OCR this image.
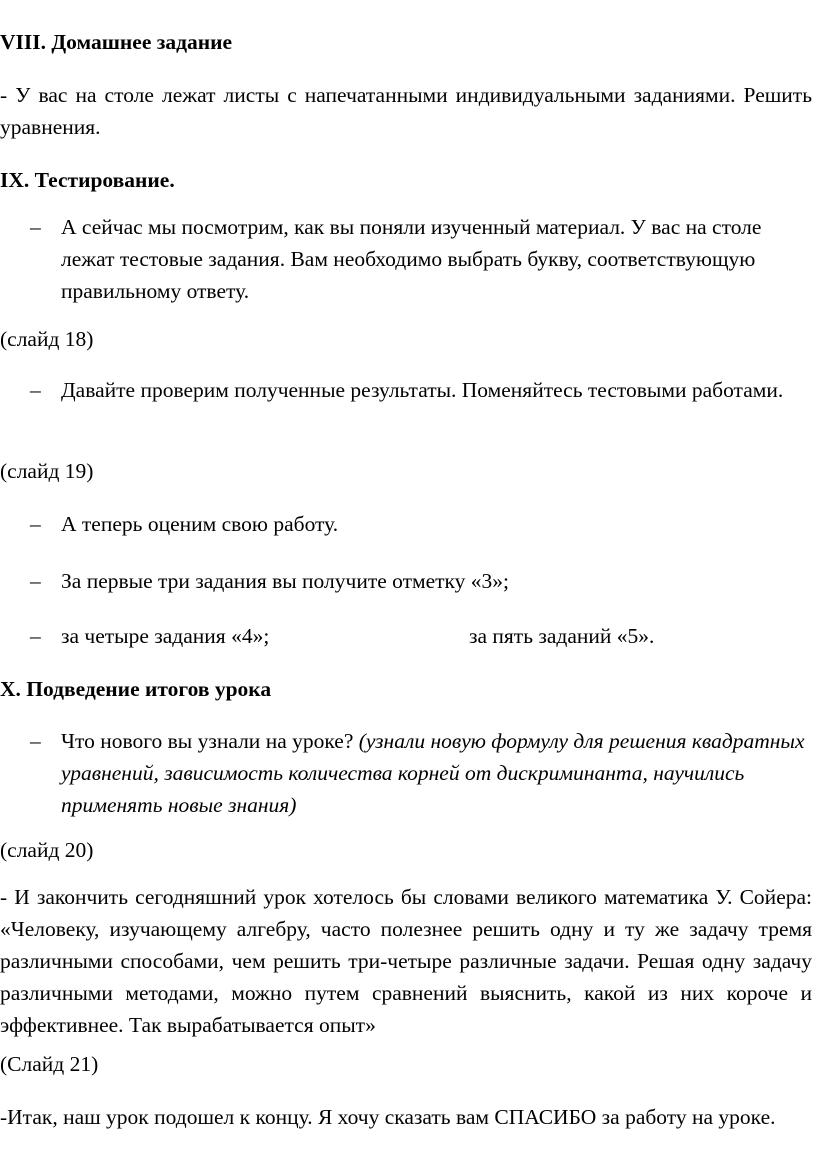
VIII. Домашнее задание
- У вас на столе лежат листы с напечатанными индивидуальными заданиями. Решить уравнения.
IX. Тестирование.
– А сейчас мы посмотрим, как вы поняли изученный материал. У вас на столе лежат тестовые задания. Вам необходимо выбрать букву, соответствующую правильному ответу.
(слайд 18)
– Давайте проверим полученные результаты. Поменяйтесь тестовыми работами.
(слайд 19)
– А теперь оценим свою работу.
– За первые три задания вы получите отметку «3»;
– за четыре задания «4»;	за пять заданий «5».
X. Подведение итогов урока
– Что нового вы узнали на уроке? (узнали новую формулу для решения квадратных уравнений, зависимость количества корней от дискриминанта, научились применять новые знания)
(слайд 20)
- И закончить сегодняшний урок хотелось бы словами великого математика У. Сойера: «Человеку, изучающему алгебру, часто полезнее решить одну и ту же задачу тремя различными способами, чем решить три-четыре различные задачи. Решая одну задачу различными методами, можно путем сравнений выяснить, какой из них короче и эффективнее. Так вырабатывается опыт»
(Слайд 21)
-Итак, наш урок подошел к концу. Я хочу сказать вам СПАСИБО за работу на уроке.
